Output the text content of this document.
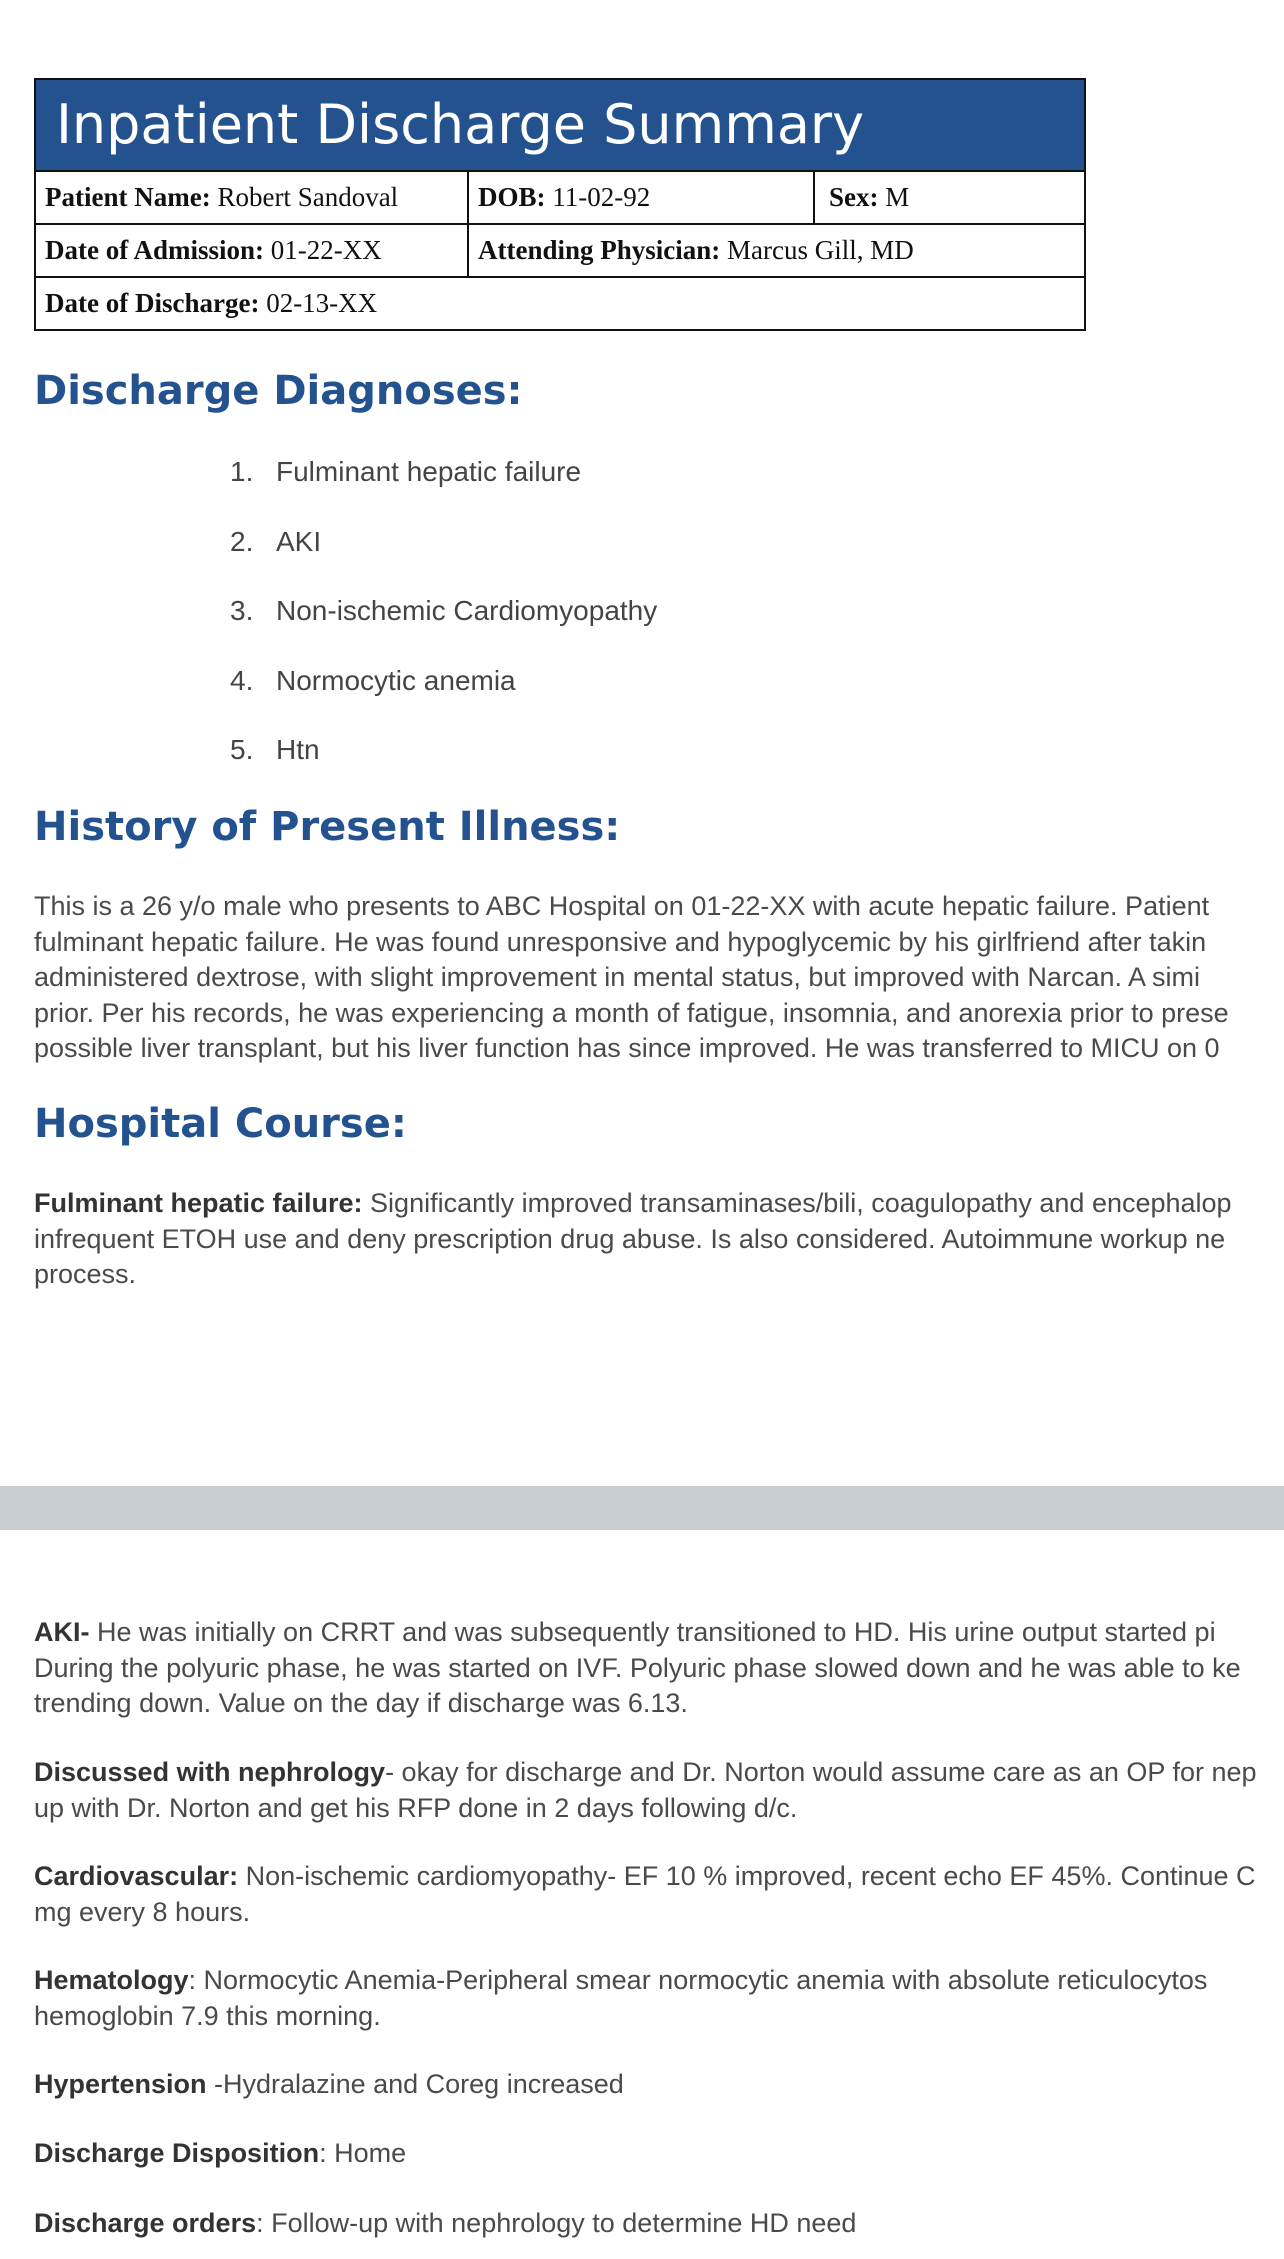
Inpatient Discharge Summary
Patient Name: Robert Sandoval	DOB: 11-02-92	Sex: M
Date of Admission: 01-22-XX	Attending Physician: Marcus Gill, MD
Date of Discharge: 02-13-XX
Discharge Diagnoses:
1. Fulminant hepatic failure
2. AKI
3. Non-ischemic Cardiomyopathy
4. Normocytic anemia
5. Htn
History of Present Illness:
This is a 26 y/o male who presents to ABC Hospital on 01-22-XX with acute hepatic failure. Patient
fulminant hepatic failure. He was found unresponsive and hypoglycemic by his girlfriend after takin
administered dextrose, with slight improvement in mental status, but improved with Narcan. A simi
prior. Per his records, he was experiencing a month of fatigue, insomnia, and anorexia prior to prese
possible liver transplant, but his liver function has since improved. He was transferred to MICU on 0
Hospital Course:
Fulminant hepatic failure: Significantly improved transaminases/bili, coagulopathy and encephalop
infrequent ETOH use and deny prescription drug abuse. Is also considered. Autoimmune workup ne
process.
AKI- He was initially on CRRT and was subsequently transitioned to HD. His urine output started pi
During the polyuric phase, he was started on IVF. Polyuric phase slowed down and he was able to ke
trending down. Value on the day if discharge was 6.13.
Discussed with nephrology- okay for discharge and Dr. Norton would assume care as an OP for nep
up with Dr. Norton and get his RFP done in 2 days following d/c.
Cardiovascular: Non-ischemic cardiomyopathy- EF 10 % improved, recent echo EF 45%. Continue C
mg every 8 hours.
Hematology: Normocytic Anemia-Peripheral smear normocytic anemia with absolute reticulocytos
hemoglobin 7.9 this morning.
Hypertension -Hydralazine and Coreg increased
Discharge Disposition: Home
Discharge orders: Follow-up with nephrology to determine HD need
